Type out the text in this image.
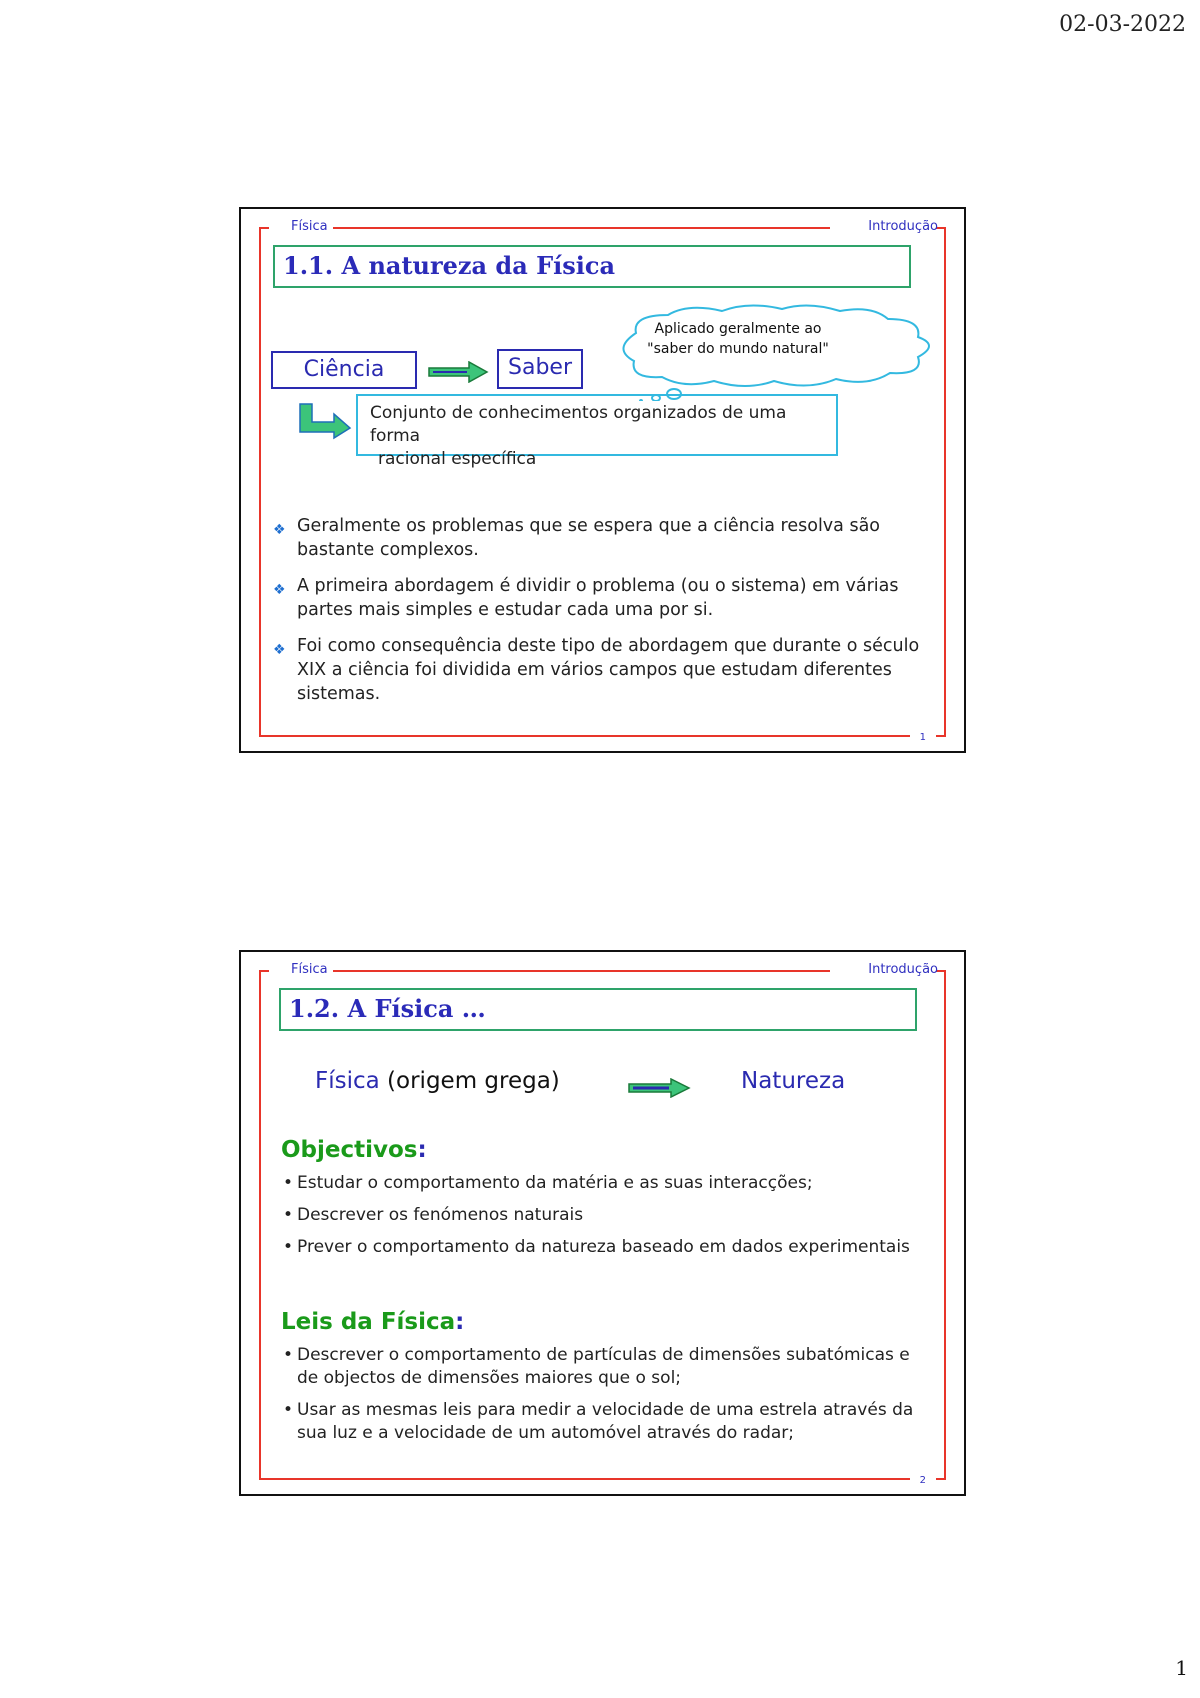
02-03-2022
Física	Introdução
1.1. A natureza da Física
Aplicado geralmente ao
"saber do mundo natural"
Ciência	Saber
Conjunto de conhecimentos organizados de uma forma
racional específica
❖ Geralmente os problemas que se espera que a ciência resolva são bastante complexos.
❖ A primeira abordagem é dividir o problema (ou o sistema) em várias partes mais simples e estudar cada uma por si.
❖ Foi como consequência deste tipo de abordagem que durante o século XIX a ciência foi dividida em vários campos que estudam diferentes sistemas.
1
Física	Introdução
1.2. A Física …
Física (origem grega)	Natureza
Objectivos:
• Estudar o comportamento da matéria e as suas interacções;
• Descrever os fenómenos naturais
• Prever o comportamento da natureza baseado em dados experimentais
Leis da Física:
• Descrever o comportamento de partículas de dimensões subatómicas e de objectos de dimensões maiores que o sol;
• Usar as mesmas leis para medir a velocidade de uma estrela através da sua luz e a velocidade de um automóvel através do radar;
2
1
